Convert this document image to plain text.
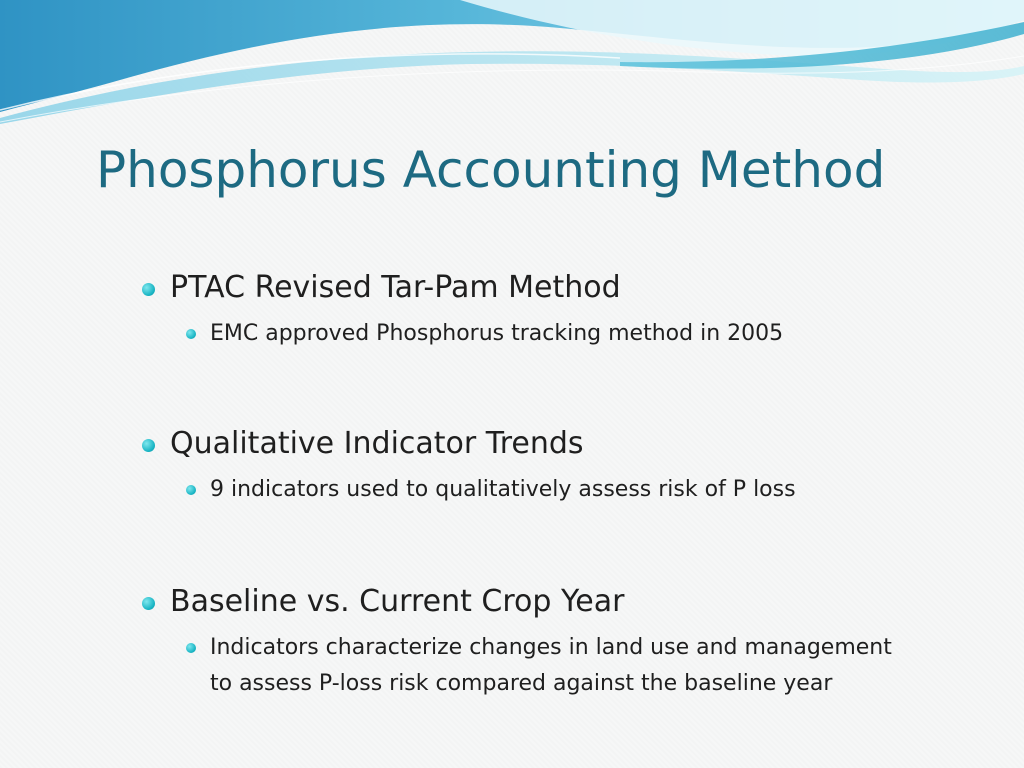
Phosphorus Accounting Method
PTAC Revised Tar-Pam Method
EMC approved Phosphorus tracking method in 2005
Qualitative Indicator Trends
9 indicators used to qualitatively assess risk of P loss
Baseline vs. Current Crop Year
Indicators characterize changes in land use and management
to assess P-loss risk compared against the baseline year
